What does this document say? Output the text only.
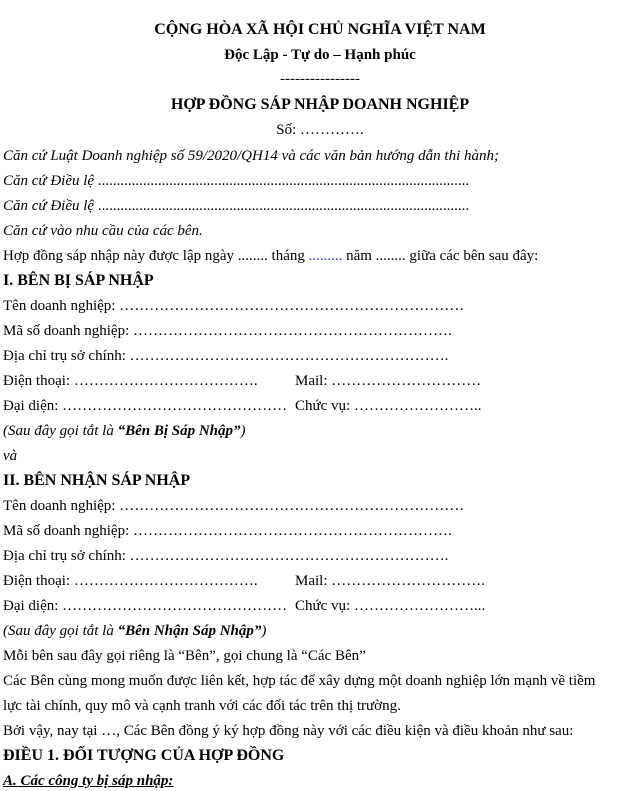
CỘNG HÒA XÃ HỘI CHỦ NGHĨA VIỆT NAM
Độc Lập - Tự do – Hạnh phúc
----------------
HỢP ĐỒNG SÁP NHẬP DOANH NGHIỆP
Số: ………….
Căn cứ Luật Doanh nghiệp số 59/2020/QH14 và các văn bản hướng dẫn thi hành;
Căn cứ Điều lệ ...................................................................................................
Căn cứ Điều lệ ...................................................................................................
Căn cứ vào nhu cầu của các bên.
Hợp đồng sáp nhập này được lập ngày ........ tháng ......... năm ........ giữa các bên sau đây:
I. BÊN BỊ SÁP NHẬP
Tên doanh nghiệp: ……………………………………………………………
Mã số doanh nghiệp: ……………………………………………………….
Địa chỉ trụ sở chính: ……………………………………………………….
Điện thoại: ………………………………. Mail: …………………………
Đại diện: ……………………………………… Chức vụ: ……………………..
(Sau đây gọi tắt là “Bên Bị Sáp Nhập”)
và
II. BÊN NHẬN SÁP NHẬP
Tên doanh nghiệp: ……………………………………………………………
Mã số doanh nghiệp: ……………………………………………………….
Địa chỉ trụ sở chính: ……………………………………………………….
Điện thoại: ………………………………. Mail: ………………………….
Đại diện: ……………………………………… Chức vụ: ……………………...
(Sau đây gọi tắt là “Bên Nhận Sáp Nhập”)
Mỗi bên sau đây gọi riêng là “Bên”, gọi chung là “Các Bên”
Các Bên cùng mong muốn được liên kết, hợp tác để xây dựng một doanh nghiệp lớn mạnh về tiềm
lực tài chính, quy mô và cạnh tranh với các đối tác trên thị trường.
Bởi vậy, nay tại …, Các Bên đồng ý ký hợp đồng này với các điều kiện và điều khoản như sau:
ĐIỀU 1. ĐỐI TƯỢNG CỦA HỢP ĐỒNG
A. Các công ty bị sáp nhập:
